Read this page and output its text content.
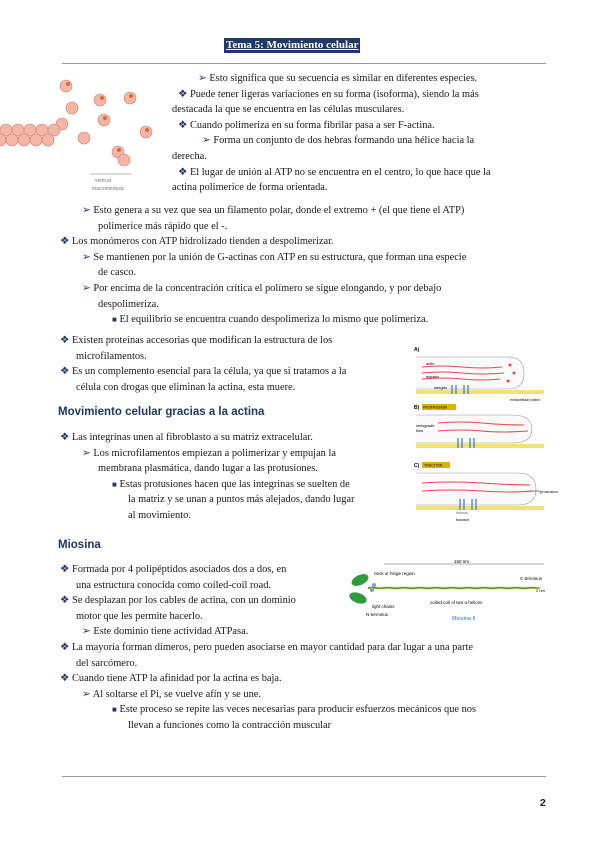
Tema 5: Movimiento celular
vertical
macromedusa
➢ Esto significa que su secuencia es similar en diferentes especies.
❖ Puede tener ligeras variaciones en su forma (isoforma), siendo la más
destacada la que se encuentra en las células musculares.
❖ Cuando polimeriza en su forma fibrilar pasa a ser F-actina.
➢ Forma un conjunto de dos hebras formando una hélice hacia la
derecha.
❖ El lugar de unión al ATP no se encuentra en el centro, lo que hace que la
actina polimerice de forma orientada.
➢ Esto genera a su vez que sea un filamento polar, donde el extremo + (el que tiene el ATP)
polimerice más rápido que el -.
❖ Los monómeros con ATP hidrolizado tienden a despolimerizar.
➢ Se mantienen por la unión de G-actinas con ATP en su estructura, que forman una especie
de casco.
➢ Por encima de la concentración crítica el polímero se sigue elongando, y por debajo
despolimeriza.
■ El equilibrio se encuentra cuando despolimeriza lo mismo que polimeriza.
❖ Existen proteínas accesorias que modifican la estructura de los
microfilamentos.
❖ Es un complemento esencial para la célula, ya que si tratamos a la
célula con drogas que eliminan la actina, esta muere.
Movimiento celular gracias a la actina
❖ Las integrinas unen al fibroblasto a su matriz extracelular.
➢ Los microfilamentos empiezan a polimerizar y empujan la
membrana plasmática, dando lugar a las protusiones.
■ Estas protusiones hacen que las integrinas se suelten de
la matriz y se unan a puntos más alejados, dando lugar
al movimiento.
A)
actin
myosin
integrin
extracellular matrix
B) PROTRUSION
retrograde
flow
C) TRACTION
protrusion
traction
Miosina
❖ Formada por 4 polipéptidos asociados dos a dos, en
una estructura conocida como coiled-coil road.
❖ Se desplazan por los cables de actina, con un dominio
motor que les permite hacerlo.
➢ Este dominio tiene actividad ATPasa.
150 nm
neck or hinge region
C-terminus
2 nm
light chains
N-terminus
coiled-coil of two α helices
Miosina II
❖ La mayoría forman dímeros, pero pueden asociarse en mayor cantidad para dar lugar a una parte
del sarcómero.
❖ Cuando tiene ATP la afinidad por la actina es baja.
➢ Al soltarse el Pi, se vuelve afín y se une.
■ Este proceso se repite las veces necesarias para producir esfuerzos mecánicos que nos
llevan a funciones como la contracción muscular
2
